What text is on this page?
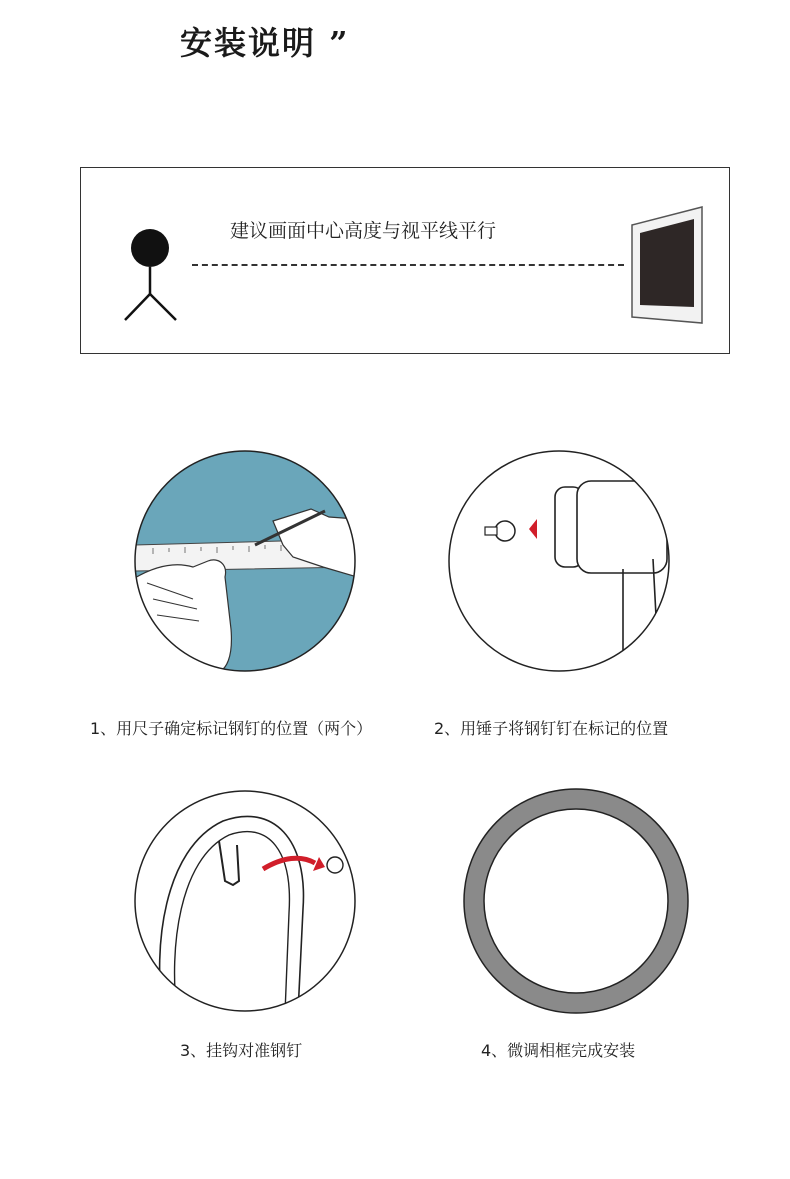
安装说明 ”
建议画面中心高度与视平线平行
1、用尺子确定标记钢钉的位置（两个）	2、用锤子将钢钉钉在标记的位置
3、挂钩对准钢钉	4、微调相框完成安装
